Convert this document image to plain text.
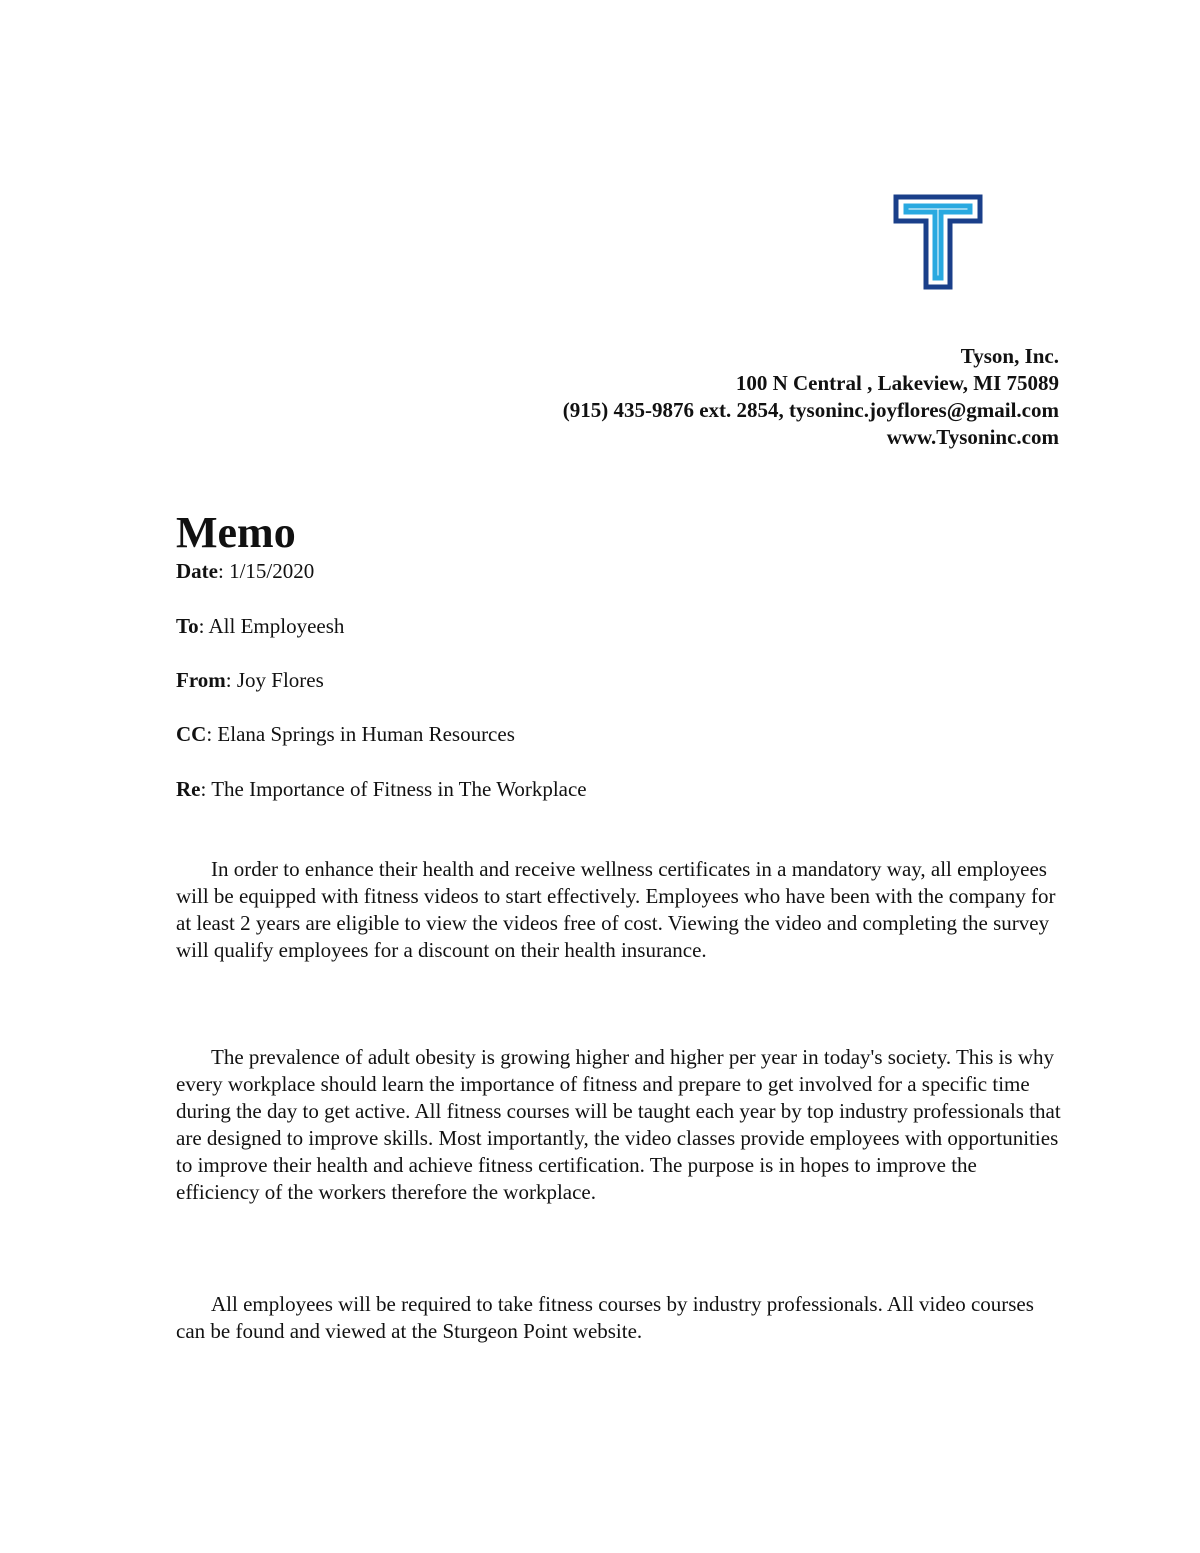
Tyson, Inc.
100 N Central , Lakeview, MI 75089
(915) 435-9876 ext. 2854, tysoninc.joyflores@gmail.com
www.Tysoninc.com
Memo
Date: 1/15/2020
To: All Employeesh
From: Joy Flores
CC: Elana Springs in Human Resources
Re: The Importance of Fitness in The Workplace

In order to enhance their health and receive wellness certificates in a mandatory way, all employees will be equipped with fitness videos to start effectively. Employees who have been with the company for at least 2 years are eligible to view the videos free of cost. Viewing the video and completing the survey will qualify employees for a discount on their health insurance.

The prevalence of adult obesity is growing higher and higher per year in today's society. This is why every workplace should learn the importance of fitness and prepare to get involved for a specific time during the day to get active. All fitness courses will be taught each year by top industry professionals that are designed to improve skills. Most importantly, the video classes provide employees with opportunities to improve their health and achieve fitness certification. The purpose is in hopes to improve the efficiency of the workers therefore the workplace.

All employees will be required to take fitness courses by industry professionals. All video courses can be found and viewed at the Sturgeon Point website.
